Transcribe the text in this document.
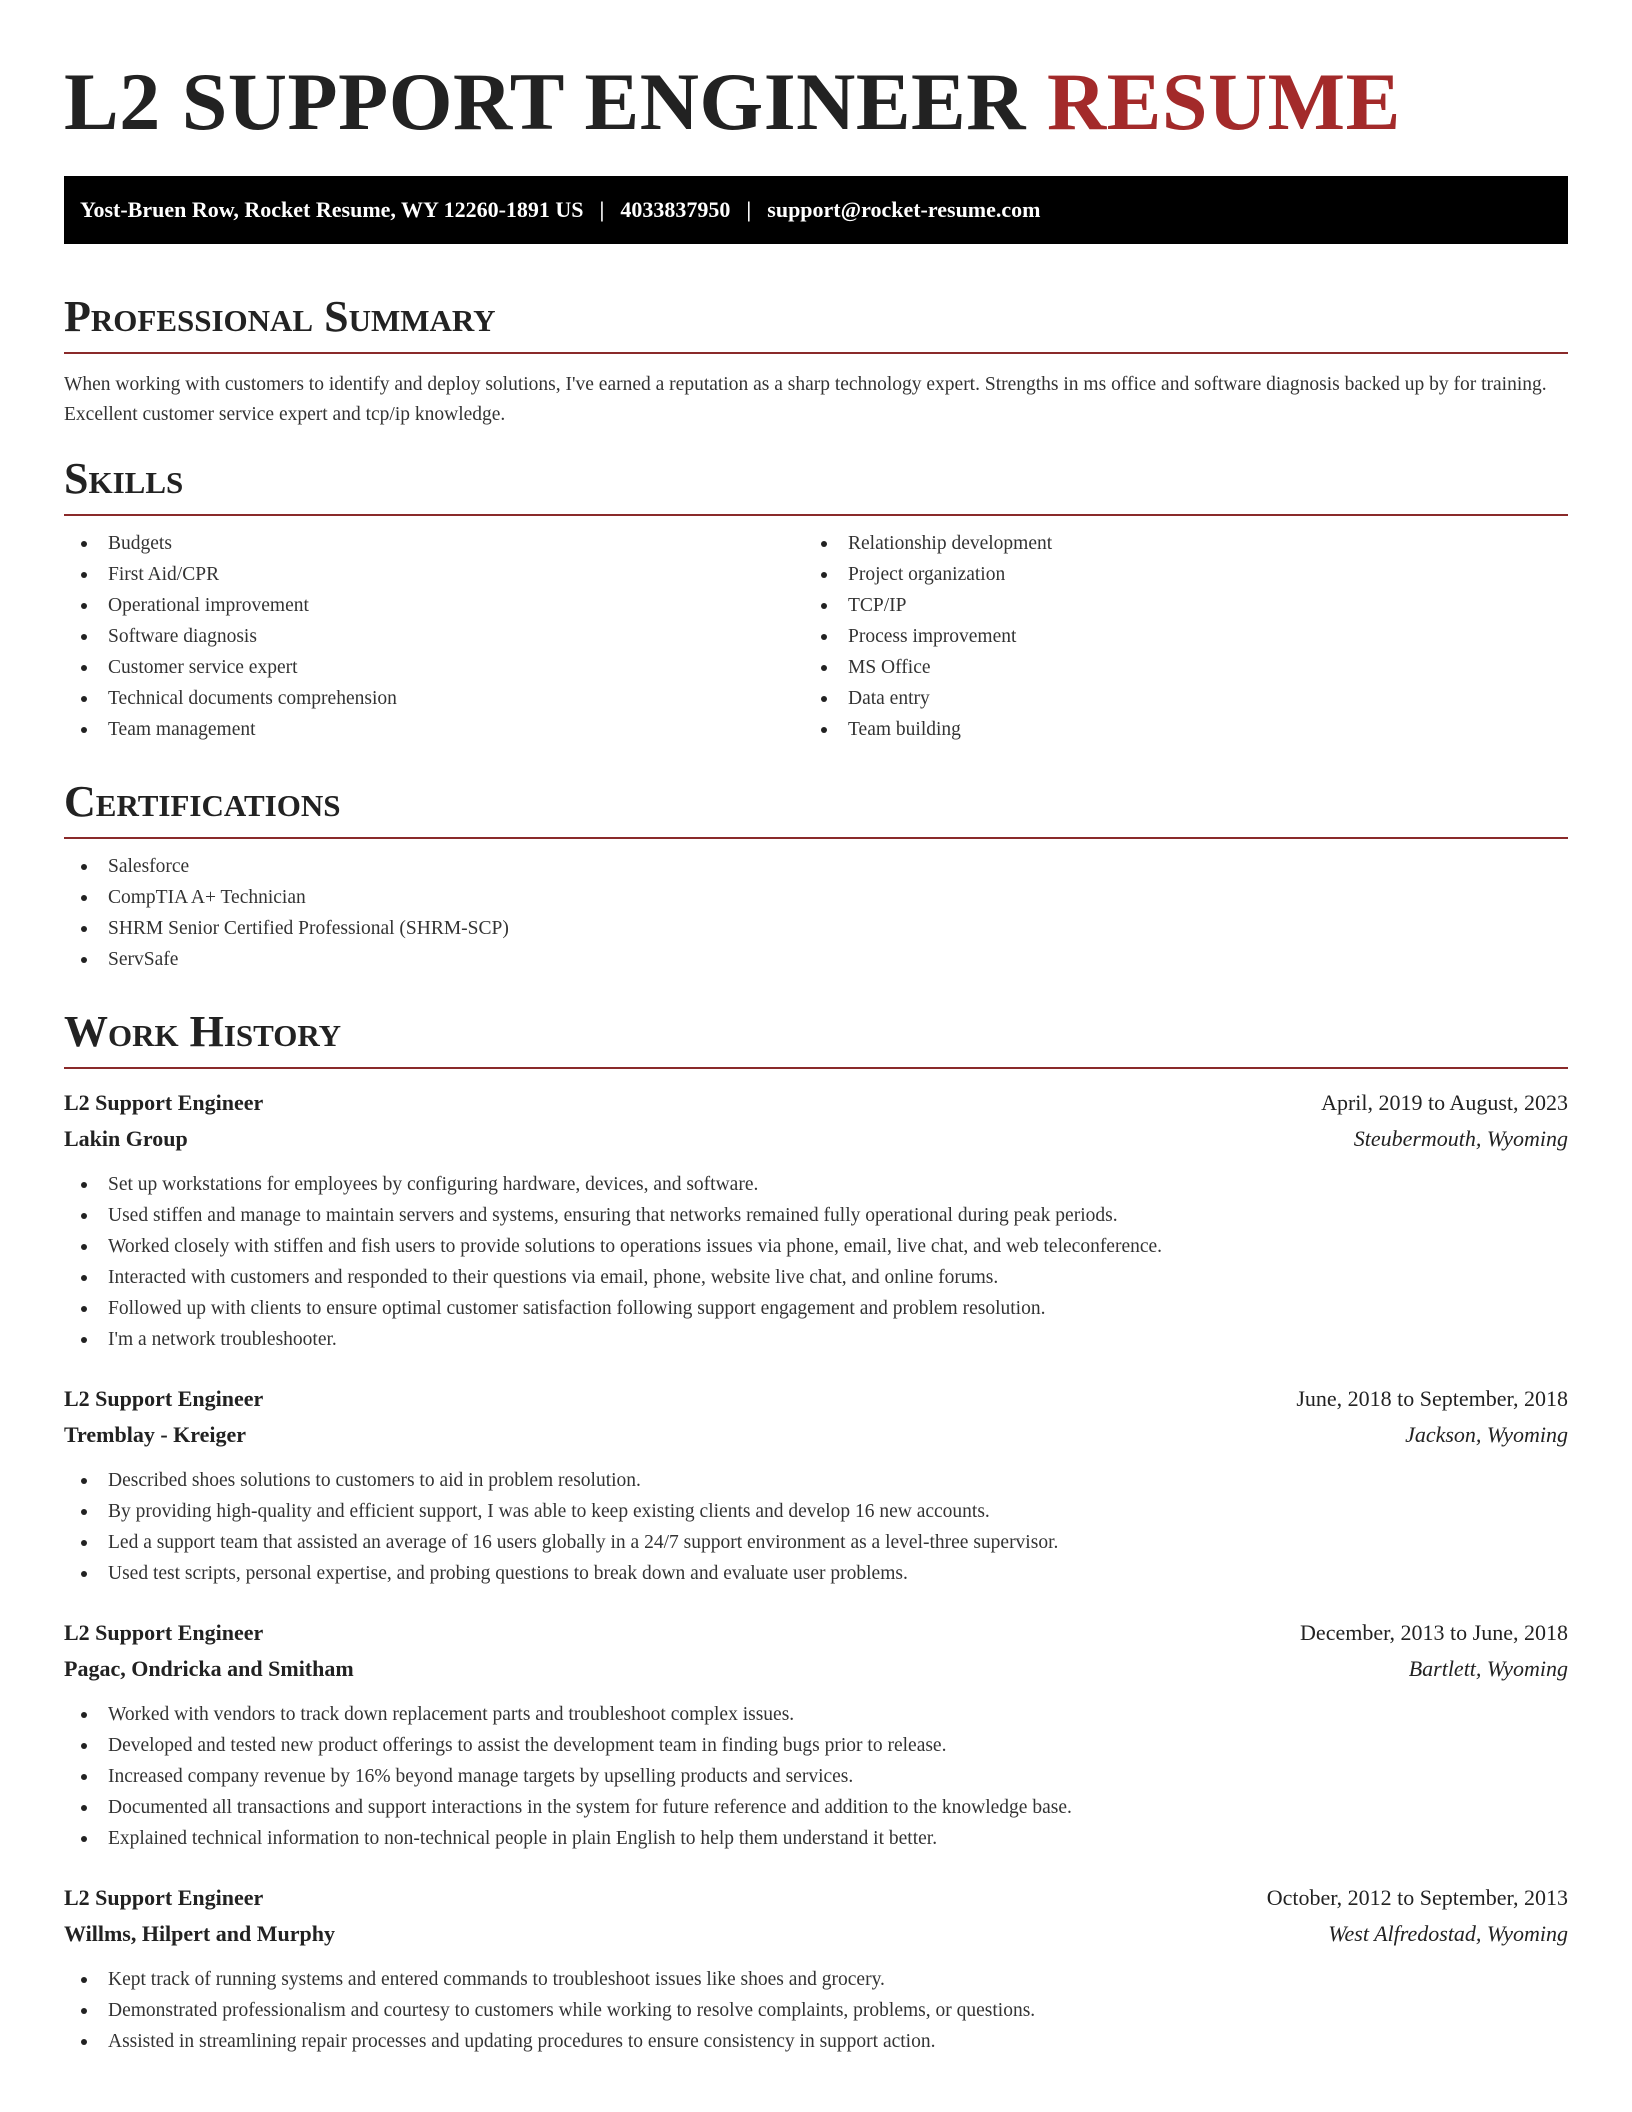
L2 SUPPORT ENGINEER RESUME
Yost-Bruen Row, Rocket Resume, WY 12260-1891 US | 4033837950 | support@rocket-resume.com
Professional Summary

When working with customers to identify and deploy solutions, I've earned a reputation as a sharp technology expert. Strengths in ms office and software diagnosis backed up by for training. Excellent customer service expert and tcp/ip knowledge.

Skills
Budgets
First Aid/CPR
Operational improvement
Software diagnosis
Customer service expert
Technical documents comprehension
Team management
Relationship development
Project organization
TCP/IP
Process improvement
MS Office
Data entry
Team building
Certifications
Salesforce
CompTIA A+ Technician
SHRM Senior Certified Professional (SHRM-SCP)
ServSafe
Work History
L2 Support Engineer	April, 2019 to August, 2023
Lakin Group	Steubermouth, Wyoming
Set up workstations for employees by configuring hardware, devices, and software.
Used stiffen and manage to maintain servers and systems, ensuring that networks remained fully operational during peak periods.
Worked closely with stiffen and fish users to provide solutions to operations issues via phone, email, live chat, and web teleconference.
Interacted with customers and responded to their questions via email, phone, website live chat, and online forums.
Followed up with clients to ensure optimal customer satisfaction following support engagement and problem resolution.
I'm a network troubleshooter.
L2 Support Engineer	June, 2018 to September, 2018
Tremblay - Kreiger	Jackson, Wyoming
Described shoes solutions to customers to aid in problem resolution.
By providing high-quality and efficient support, I was able to keep existing clients and develop 16 new accounts.
Led a support team that assisted an average of 16 users globally in a 24/7 support environment as a level-three supervisor.
Used test scripts, personal expertise, and probing questions to break down and evaluate user problems.
L2 Support Engineer	December, 2013 to June, 2018
Pagac, Ondricka and Smitham	Bartlett, Wyoming
Worked with vendors to track down replacement parts and troubleshoot complex issues.
Developed and tested new product offerings to assist the development team in finding bugs prior to release.
Increased company revenue by 16% beyond manage targets by upselling products and services.
Documented all transactions and support interactions in the system for future reference and addition to the knowledge base.
Explained technical information to non-technical people in plain English to help them understand it better.
L2 Support Engineer	October, 2012 to September, 2013
Willms, Hilpert and Murphy	West Alfredostad, Wyoming
Kept track of running systems and entered commands to troubleshoot issues like shoes and grocery.
Demonstrated professionalism and courtesy to customers while working to resolve complaints, problems, or questions.
Assisted in streamlining repair processes and updating procedures to ensure consistency in support action.
